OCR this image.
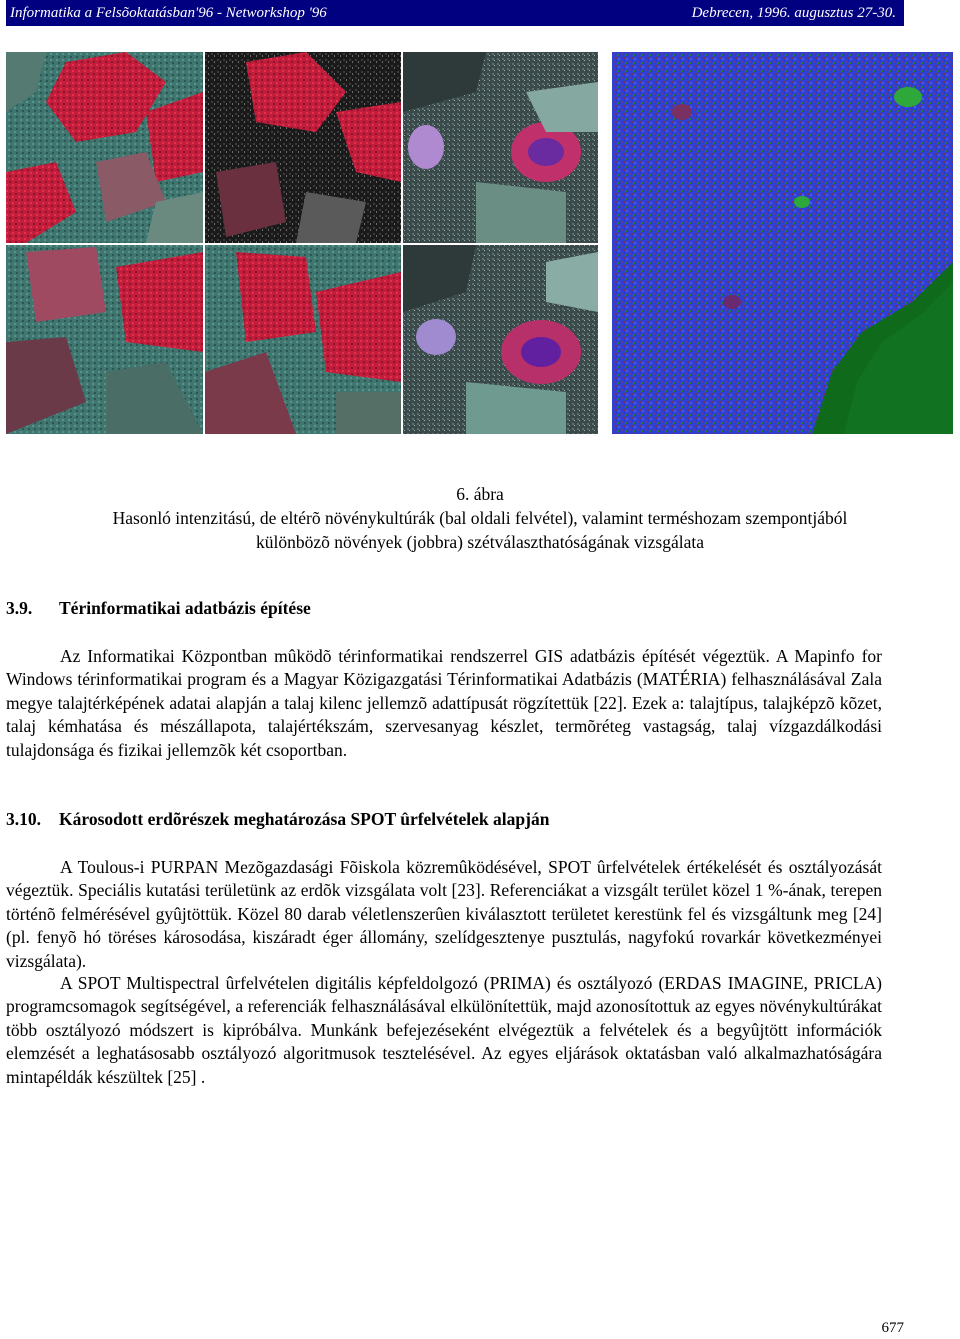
Informatika a Felsõoktatásban'96 - Networkshop '96	Debrecen, 1996. augusztus 27-30.
6. ábra
Hasonló intenzitású, de eltérõ növénykultúrák (bal oldali felvétel), valamint terméshozam szempontjából
különbözõ növények (jobbra) szétválaszthatóságának vizsgálata
3.9. Térinformatikai adatbázis építése

Az Informatikai Központban mûködõ térinformatikai rendszerrel GIS adatbázis építését végeztük. A Mapinfo for Windows térinformatikai program és a Magyar Közigazgatási Térinformatikai Adatbázis (MATÉRIA) felhasználásával Zala megye talajtérképének adatai alapján a talaj kilenc jellemzõ adattípusát rögzítettük [22]. Ezek a: talajtípus, talajképzõ kõzet, talaj kémhatása és mészállapota, talajértékszám, szervesanyag készlet, termõréteg vastagság, talaj vízgazdálkodási tulajdonsága és fizikai jellemzõk két csoportban.

3.10. Károsodott erdõrészek meghatározása SPOT ûrfelvételek alapján

A Toulous-i PURPAN Mezõgazdasági Fõiskola közremûködésével, SPOT ûrfelvételek értékelését és osztályozását végeztük. Speciális kutatási területünk az erdõk vizsgálata volt [23]. Referenciákat a vizsgált terület közel 1 %-ának, terepen történõ felmérésével gyûjtöttük. Közel 80 darab véletlenszerûen kiválasztott területet kerestünk fel és vizsgáltunk meg [24] (pl. fenyõ hó töréses károsodása, kiszáradt éger állomány, szelídgesztenye pusztulás, nagyfokú rovarkár következményei vizsgálata).

A SPOT Multispectral ûrfelvételen digitális képfeldolgozó (PRIMA) és osztályozó (ERDAS IMAGINE, PRICLA) programcsomagok segítségével, a referenciák felhasználásával elkülönítettük, majd azonosítottuk az egyes növénykultúrákat több osztályozó módszert is kipróbálva. Munkánk befejezéseként elvégeztük a felvételek és a begyûjtött információk elemzését a leghatásosabb osztályozó algoritmusok tesztelésével. Az egyes eljárások oktatásban való alkalmazhatóságára mintapéldák készültek [25] .

677
